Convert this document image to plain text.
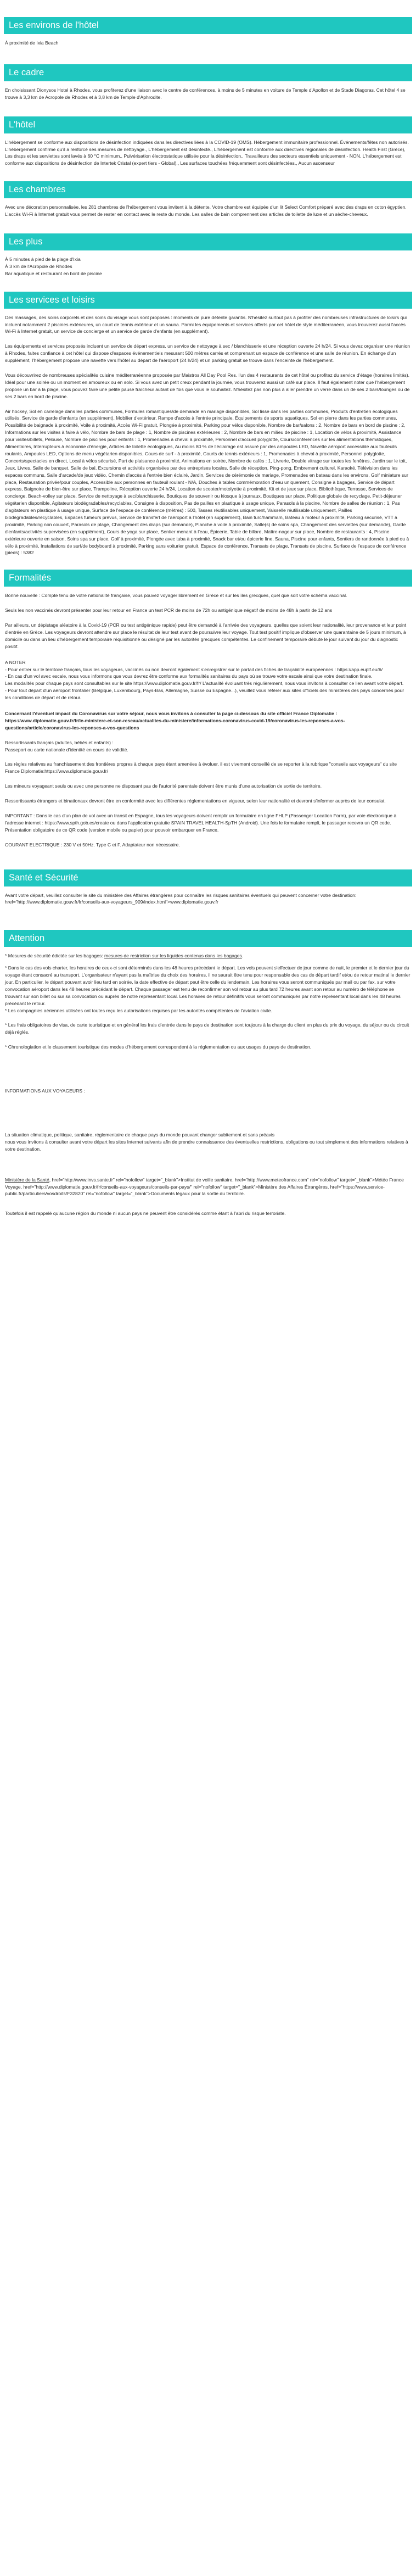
Les environs de l'hôtel

À proximité de Ixia Beach

Le cadre

En choisissant Dionysos Hotel à Rhodes, vous profiterez d'une liaison avec le centre de conférences, à moins de 5 minutes en voiture de Temple d'Apollon et de Stade Diagoras. Cet hôtel 4 se trouve à 3,3 km de Acropole de Rhodes et à 3,8 km de Temple d'Aphrodite.

L'hôtel

L'hébergement se conforme aux dispositions de désinfection indiquées dans les directives liées à la COVID-19 (OMS). Hébergement immunitaire professionnel. Événements/fêtes non autorisés. L'hébergement confirme qu'il a renforcé ses mesures de nettoyage., L'hébergement est désinfecté., L'hébergement est conforme aux directives régionales de désinfection. Health First (Grèce), Les draps et les serviettes sont lavés à 60 °C minimum., Pulvérisation électrostatique utilisée pour la désinfection., Travailleurs des secteurs essentiels uniquement - NON. L'hébergement est conforme aux dispositions de désinfection de Intertek Cristal (expert tiers - Global)., Les surfaces touchées fréquemment sont désinfectées., Aucun ascenseur

Les chambres

Avec une décoration personnalisée, les 281 chambres de l'hébergement vous invitent à la détente. Votre chambre est équipée d'un lit Select Comfort préparé avec des draps en coton égyptien. L'accès Wi-Fi à Internet gratuit vous permet de rester en contact avec le reste du monde. Les salles de bain comprennent des articles de toilette de luxe et un sèche-cheveux.

Les plus
À 5 minutes à pied de la plage d'Ixia
À 3 km de l'Acropole de Rhodes
Bar aquatique et restaurant en bord de piscine
Les services et loisirs

Des massages, des soins corporels et des soins du visage vous sont proposés : moments de pure détente garantis. N'hésitez surtout pas à profiter des nombreuses infrastructures de loisirs qui incluent notamment 2 piscines extérieures, un court de tennis extérieur et un sauna. Parmi les équipements et services offerts par cet hôtel de style méditerranéen, vous trouverez aussi l'accès Wi-Fi à Internet gratuit, un service de concierge et un service de garde d'enfants (en supplément).

Les équipements et services proposés incluent un service de départ express, un service de nettoyage à sec / blanchisserie et une réception ouverte 24 h/24. Si vous devez organiser une réunion à Rhodes, faites confiance à cet hôtel qui dispose d'espaces événementiels mesurant 500 mètres carrés et comprenant un espace de conférence et une salle de réunion. En échange d'un supplément, l'hébergement propose une navette vers l'hôtel au départ de l'aéroport (24 h/24) et un parking gratuit se trouve dans l'enceinte de l'hébergement.

Vous découvrirez de nombreuses spécialités cuisine méditerranéenne proposée par Maistros All Day Pool Res. l'un des 4 restaurants de cet hôtel ou profitez du service d'étage (horaires limités). Idéal pour une soirée ou un moment en amoureux ou en solo. Si vous avez un petit creux pendant la journée, vous trouverez aussi un café sur place. Il faut également noter que l'hébergement propose un bar à la plage, vous pouvez faire une petite pause fraîcheur autant de fois que vous le souhaitez. N'hésitez pas non plus à aller prendre un verre dans un de ses 2 bars/lounges ou de ses 2 bars en bord de piscine.

Air hockey, Sol en carrelage dans les parties communes, Formules romantiques/de demande en mariage disponibles, Sol lisse dans les parties communes, Produits d'entretien écologiques utilisés, Service de garde d'enfants (en supplément), Mobilier d'extérieur, Rampe d'accès à l'entrée principale, Équipements de sports aquatiques, Sol en pierre dans les parties communes, Possibilité de baignade à proximité, Voile à proximité, Accès Wi-Fi gratuit, Plongée à proximité, Parking pour vélos disponible, Nombre de bar/salons : 2, Nombre de bars en bord de piscine : 2, Informations sur les visites à faire à vélo, Nombre de bars de plage : 1, Nombre de piscines extérieures : 2, Nombre de bars en milieu de piscine : 1, Location de vélos à proximité, Assistance pour visites/billets, Pelouse, Nombre de piscines pour enfants : 1, Promenades à cheval à proximité, Personnel d'accueil polyglotte, Cours/conférences sur les alimentations thématiques, Alimentaires, Interrupteurs à économie d'énergie, Articles de toilette écologiques, Au moins 80 % de l'éclairage est assuré par des ampoules LED, Navette aéroport accessible aux fauteuils roulants, Ampoules LED, Options de menu végétarien disponibles, Cours de surf - à proximité, Courts de tennis extérieurs : 1, Promenades à cheval à proximité, Personnel polyglotte, Concerts/spectacles en direct, Local à vélos sécurisé, Part de plaisance à proximité, Animations en soirée, Nombre de cafés : 1, Livrerie, Double vitrage sur toutes les fenêtres, Jardin sur le toit, Jeux, Livres, Salle de banquet, Salle de bal, Excursions et activités organisées par des entreprises locales, Salle de réception, Ping-pong, Embrement culturel, Karaoké, Télévision dans les espaces communs, Salle d'arcade/de jeux vidéo, Chemin d'accès à l'entrée bien éclairé, Jardin, Services de cérémonie de mariage, Promenades en bateau dans les environs, Golf miniature sur place, Restauration privée/pour couples, Accessible aux personnes en fauteuil roulant - N/A, Douches à tables commémoration d'eau uniquement, Consigne à bagages, Service de départ express, Baignoire de bien-être sur place, Trampoline, Réception ouverte 24 h/24, Location de scooter/motolyette à proximité, Kit et de jeux sur place, Bibliothèque, Terrasse, Services de concierge, Beach-volley sur place, Service de nettoyage à sec/blanchisserie, Boutiques de souvenir ou kiosque à journaux, Boutiques sur place, Politique globale de recyclage, Petit-déjeuner végétarien disponible, Agitateurs biodégradables/recyclables, Consigne à disposition, Pas de pailles en plastique à usage unique, Parasols à la piscine, Nombre de salles de réunion : 1, Pas d'agitateurs en plastique à usage unique, Surface de l'espace de conférence (mètres) : 500, Tasses réutilisables uniquement, Vaisselle réutilisable uniquement, Pailles biodégradables/recyclables, Espaces fumeurs prévus, Service de transfert de l'aéroport à l'hôtel (en supplément), Bain turc/hammam, Bateau à moteur à proximité, Parking sécurisé, VTT à proximité, Parking non couvert, Parasols de plage, Changement des draps (sur demande), Planche à voile à proximité, Salle(s) de soins spa, Changement des serviettes (sur demande), Garde d'enfants/activités supervisées (en supplément), Cours de yoga sur place, Sentier menant à l'eau, Épicerie, Table de billard, Maître-nageur sur place, Nombre de restaurants : 4, Piscine extérieure ouverte en saison, Soins spa sur place, Golf à proximité, Plongée avec tuba à proximité, Snack bar et/ou épicerie fine, Sauna, Piscine pour enfants, Sentiers de randonnée à pied ou à vélo à proximité, Installations de surf/de bodyboard à proximité, Parking sans voiturier gratuit, Espace de conférence, Transats de plage, Transats de piscine, Surface de l'espace de conférence (pieds) : 5382

Formalités

Bonne nouvelle : Compte tenu de votre nationalité française, vous pouvez voyager librement en Grèce et sur les îles grecques, quel que soit votre schéma vaccinal.

Seuls les non vaccinés devront présenter pour leur retour en France un test PCR de moins de 72h ou antigénique négatif de moins de 48h à partir de 12 ans

Par ailleurs, un dépistage aléatoire à la Covid-19 (PCR ou test antigénique rapide) peut être demandé à l'arrivée des voyageurs, quelles que soient leur nationalité, leur provenance et leur point d'entrée en Grèce. Les voyageurs devront attendre sur place le résultat de leur test avant de poursuivre leur voyage. Tout test positif implique d'observer une quarantaine de 5 jours minimum, à domicile ou dans un lieu d'hébergement temporaire réquisitionné ou désigné par les autorités grecques compétentes. Le confinement temporaire débute le jour suivant du jour du diagnostic positif.

A NOTER
- Pour entrer sur le territoire français, tous les voyageurs, vaccinés ou non devront également s'enregistrer sur le portail des fiches de traçabilité européennes : https://app.euplf.eu/#/
- En cas d'un vol avec escale, nous vous informons que vous devrez être conforme aux formalités sanitaires du pays où se trouve votre escale ainsi que votre destination finale.
Les modalités pour chaque pays sont consultables sur le site https://www.diplomatie.gouv.fr/fr/ L'actualité évoluant très régulièrement, nous vous invitons à consulter ce lien avant votre départ.
- Pour tout départ d'un aéroport frontalier (Belgique, Luxembourg, Pays-Bas, Allemagne, Suisse ou Espagne...), veuillez vous référer aux sites officiels des ministères des pays concernés pour les conditions de départ et de retour.

Concernant l'éventuel impact du Coronavirus sur votre séjour, nous vous invitons à consulter la page ci-dessous du site officiel France Diplomatie : https://www.diplomatie.gouv.fr/fr/le-ministere-et-son-reseau/actualites-du-ministere/informations-coronavirus-covid-19/coronavirus-les-reponses-a-vos-questions/article/coronavirus-les-reponses-a-vos-questions

Ressortissants français (adultes, bébés et enfants) :
Passeport ou carte nationale d'identité en cours de validité.

Les règles relatives au franchissement des frontières propres à chaque pays étant amenées à évoluer, il est vivement conseillé de se reporter à la rubrique "conseils aux voyageurs" du site France Diplomatie:https://www.diplomatie.gouv.fr/

Les mineurs voyageant seuls ou avec une personne ne disposant pas de l'autorité parentale doivent être munis d'une autorisation de sortie de territoire.

Ressortissants étrangers et binationaux devront être en conformité avec les différentes réglementations en vigueur, selon leur nationalité et devront s'informer auprès de leur consulat.

IMPORTANT : Dans le cas d'un plan de vol avec un transit en Espagne, tous les voyageurs doivent remplir un formulaire en ligne FHLP (Passenger Location Form), par voie électronique à l'adresse internet : https://www.spth.gob.es/create ou dans l'application gratuite SPAIN TRAVEL HEALTH-SpTH (Android). Une fois le formulaire rempli, le passager recevra un QR code. Présentation obligatoire de ce QR code (version mobile ou papier) pour pouvoir embarquer en France.

COURANT ELECTRIQUE : 230 V et 50Hz. Type C et F. Adaptateur non nécessaire.

Santé et Sécurité

Avant votre départ, veuillez consulter le site du ministère des Affaires étrangères pour connaître les risques sanitaires éventuels qui peuvent concerner votre destination: href="http://www.diplomatie.gouv.fr/fr/conseils-aux-voyageurs_909/index.html">www.diplomatie.gouv.fr

Attention

* Mesures de sécurité édictée sur les bagages: mesures de restriction sur les liquides contenus dans les bagages.

* Dans le cas des vols charter, les horaires de ceux-ci sont déterminés dans les 48 heures précédant le départ. Les vols peuvent s'effectuer de jour comme de nuit, le premier et le dernier jour du voyage étant consacré au transport. L'organisateur n'ayant pas la maîtrise du choix des horaires, il ne saurait être tenu pour responsable des cas de départ tardif et/ou de retour matinal le dernier jour. En particulier, le départ pouvant avoir lieu tard en soirée, la date effective de départ peut être celle du lendemain. Les horaires vous seront communiqués par mail ou par fax, sur votre convocation aéroport dans les 48 heures précédant le départ. Chaque passager est tenu de reconfirmer son vol retour au plus tard 72 heures avant son retour au numéro de téléphone se trouvant sur son billet ou sur sa convocation ou auprès de notre représentant local. Les horaires de retour définitifs vous seront communiqués par notre représentant local dans les 48 heures précédant le retour.
* Les compagnies aériennes utilisées ont toutes reçu les autorisations requises par les autorités compétentes de l'aviation civile.

* Les frais obligatoires de visa, de carte touristique et en général les frais d'entrée dans le pays de destination sont toujours à la charge du client en plus du prix du voyage, du séjour ou du circuit déjà réglés.

* Chronologiation et le classement touristique des modes d'hébergement correspondent à la réglementation ou aux usages du pays de destination.

INFORMATIONS AUX VOYAGEURS :

La situation climatique, politique, sanitaire, réglementaire de chaque pays du monde pouvant changer subitement et sans préavis
nous vous invitons à consulter avant votre départ les sites Internet suivants afin de prendre connaissance des éventuelles restrictions, obligations ou tout simplement des informations relatives à votre destination.

Ministère de la Santé, href="http://www.invs.sante.fr" rel="nofollow" target="_blank">Institut de veille sanitaire, href="http://www.meteofrance.com" rel="nofollow" target="_blank">Météo France Voyage, href="http://www.diplomatie.gouv.fr/fr/conseils-aux-voyageurs/conseils-par-pays/" rel="nofollow" target="_blank">Ministère des Affaires Étrangères, href="https://www.service-public.fr/particuliers/vosdroits/F32820" rel="nofollow" target="_blank">Documents légaux pour la sortie du territoire.

Toutefois il est rappelé qu'aucune région du monde ni aucun pays ne peuvent être considérés comme étant à l'abri du risque terroriste.
